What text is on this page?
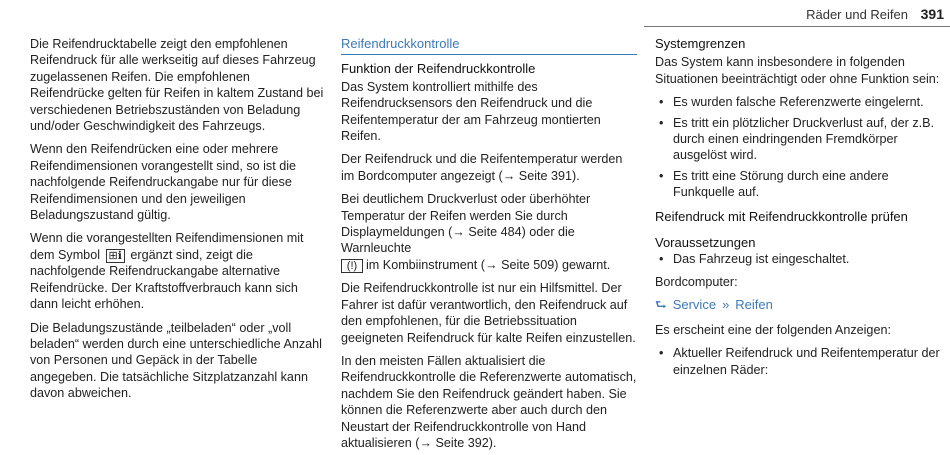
Räder und Reifen 391

Die Reifendrucktabelle zeigt den empfohlenen Reifendruck für alle werkseitig auf dieses Fahrzeug zugelassenen Reifen. Die empfohlenen Reifendrücke gelten für Reifen in kaltem Zustand bei verschiedenen Betriebszuständen von Beladung und/oder Geschwindigkeit des Fahrzeugs.

Wenn den Reifendrücken eine oder mehrere Reifendimensionen vorangestellt sind, so ist die nachfolgende Reifendruckangabe nur für diese Reifendimensionen und den jeweiligen Beladungszustand gültig.

Wenn die vorangestellten Reifendimensionen mit dem Symbol ⊞ℹ ergänzt sind, zeigt die nachfolgende Reifendruckangabe alternative Reifendrücke. Der Kraftstoffverbrauch kann sich dann leicht erhöhen.

Die Beladungszustände „teilbeladen“ oder „voll beladen“ werden durch eine unterschiedliche Anzahl von Personen und Gepäck in der Tabelle angegeben. Die tatsächliche Sitzplatzanzahl kann davon abweichen.

Reifendruckkontrolle
Funktion der Reifendruckkontrolle

Das System kontrolliert mithilfe des Reifendrucksensors den Reifendruck und die Reifentemperatur der am Fahrzeug montierten Reifen.

Der Reifendruck und die Reifentemperatur werden im Bordcomputer angezeigt (→ Seite 391).

Bei deutlichem Druckverlust oder überhöhter Temperatur der Reifen werden Sie durch Displaymeldungen (→ Seite 484) oder die Warnleuchte
(!) im Kombiinstrument (→ Seite 509) gewarnt.

Die Reifendruckkontrolle ist nur ein Hilfsmittel. Der Fahrer ist dafür verantwortlich, den Reifendruck auf den empfohlenen, für die Betriebssituation geeigneten Reifendruck für kalte Reifen einzustellen.

In den meisten Fällen aktualisiert die Reifendruckkontrolle die Referenzwerte automatisch, nachdem Sie den Reifendruck geändert haben. Sie können die Referenzwerte aber auch durch den Neustart der Reifendruckkontrolle von Hand aktualisieren (→ Seite 392).

Systemgrenzen

Das System kann insbesondere in folgenden Situationen beeinträchtigt oder ohne Funktion sein:

• Es wurden falsche Referenzwerte eingelernt.
• Es tritt ein plötzlicher Druckverlust auf, der z.B. durch einen eindringenden Fremdkörper ausgelöst wird.
• Es tritt eine Störung durch eine andere Funkquelle auf.
Reifendruck mit Reifendruckkontrolle prüfen
Voraussetzungen
• Das Fahrzeug ist eingeschaltet.

Bordcomputer:

⮑ Service » Reifen

Es erscheint eine der folgenden Anzeigen:

• Aktueller Reifendruck und Reifentemperatur der einzelnen Räder:
